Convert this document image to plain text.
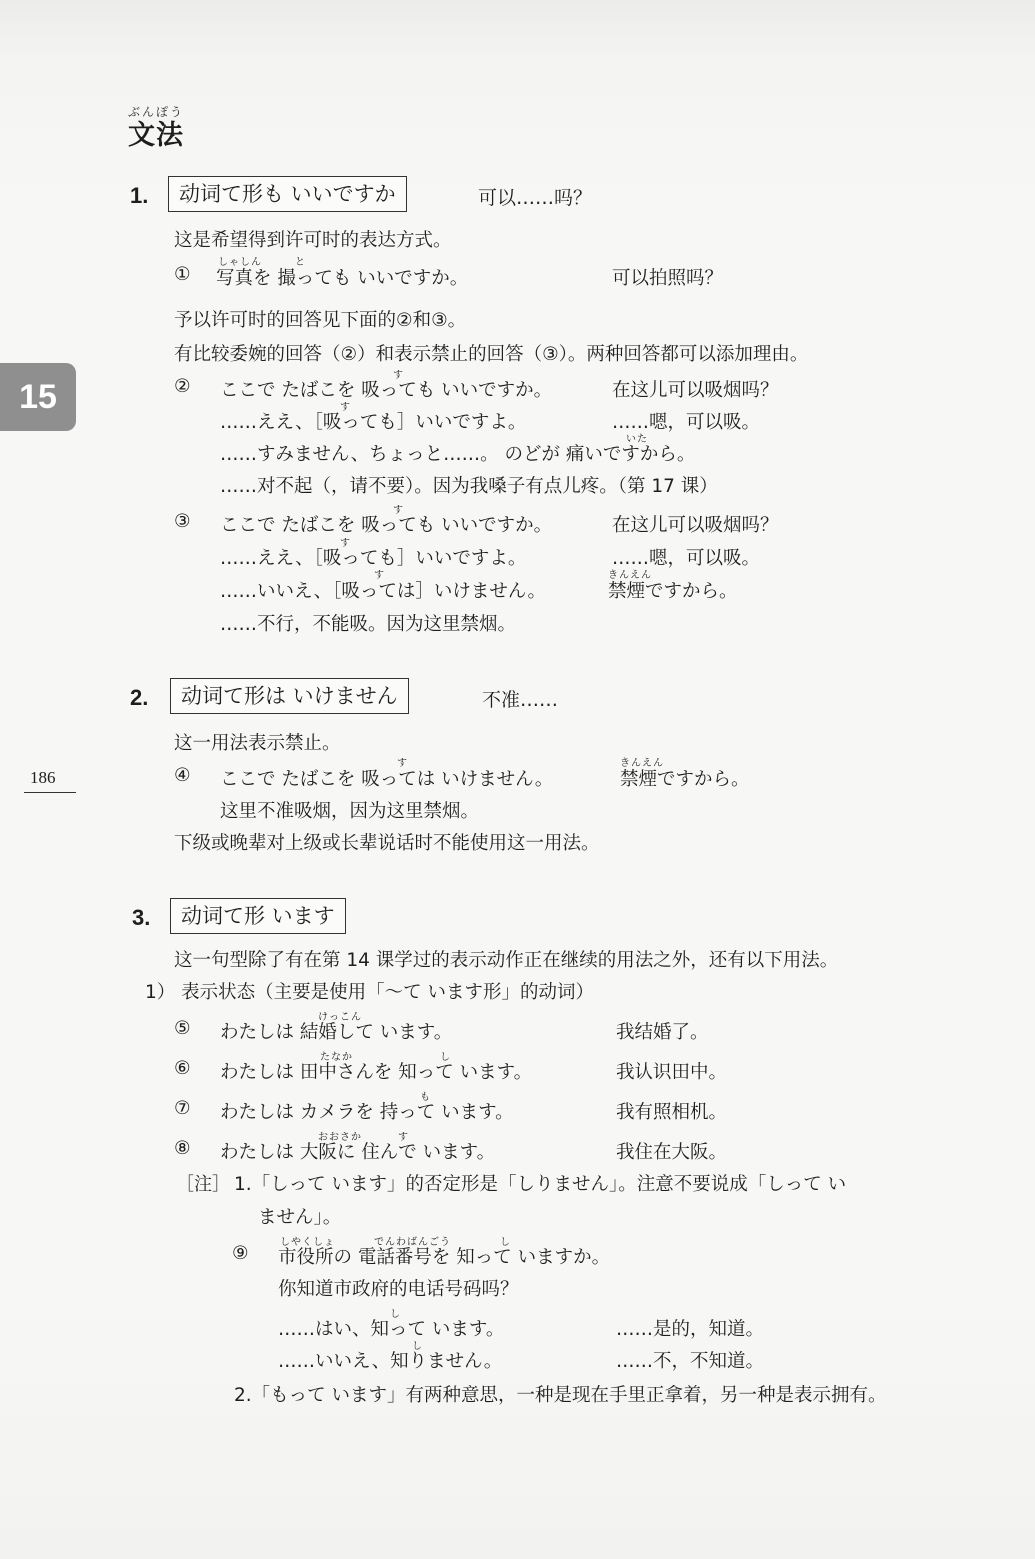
ぶんぽう
文法
15
186
1.	动词て形も いいですか	可以……吗？
这是希望得到许可时的表达方式。
しゃしん	と
① 写真を 撮っても いいですか。	可以拍照吗？
予以许可时的回答见下面的②和③。
有比较委婉的回答（②）和表示禁止的回答（③）。两种回答都可以添加理由。
す
② ここで たばこを 吸っても いいですか。	在这儿可以吸烟吗？
す
……ええ、［吸っても］いいですよ。	……嗯，可以吸。
いた
……すみません、ちょっと……。 のどが 痛いですから。
……对不起（，请不要）。因为我嗓子有点儿疼。（第 17 课）
す
③ ここで たばこを 吸っても いいですか。	在这儿可以吸烟吗？
す
……ええ、［吸っても］いいですよ。	……嗯，可以吸。
す	きんえん
……いいえ、［吸っては］いけません。	禁煙ですから。
……不行，不能吸。因为这里禁烟。
2.	动词て形は いけません	不准……
这一用法表示禁止。
す	きんえん
④ ここで たばこを 吸っては いけません。	禁煙ですから。
这里不准吸烟，因为这里禁烟。
下级或晚辈对上级或长辈说话时不能使用这一用法。
3.	动词て形 います
这一句型除了有在第 14 课学过的表示动作正在继续的用法之外，还有以下用法。
1） 表示状态（主要是使用「～て います形」的动词）
けっこん
⑤ わたしは 結婚して います。	我结婚了。
たなか	し
⑥ わたしは 田中さんを 知って います。	我认识田中。
も
⑦ わたしは カメラを 持って います。	我有照相机。
おおさか	す
⑧ わたしは 大阪に 住んで います。	我住在大阪。
［注］ 1.「しって います」的否定形是「しりません」。注意不要说成「しって い
ません」。
しやくしょ	でんわばんごう	し
⑨ 市役所の 電話番号を 知って いますか。
你知道市政府的电话号码吗？
し
……はい、知って います。	……是的，知道。
し
……いいえ、知りません。	……不，不知道。
2.「もって います」有两种意思，一种是现在手里正拿着，另一种是表示拥有。
